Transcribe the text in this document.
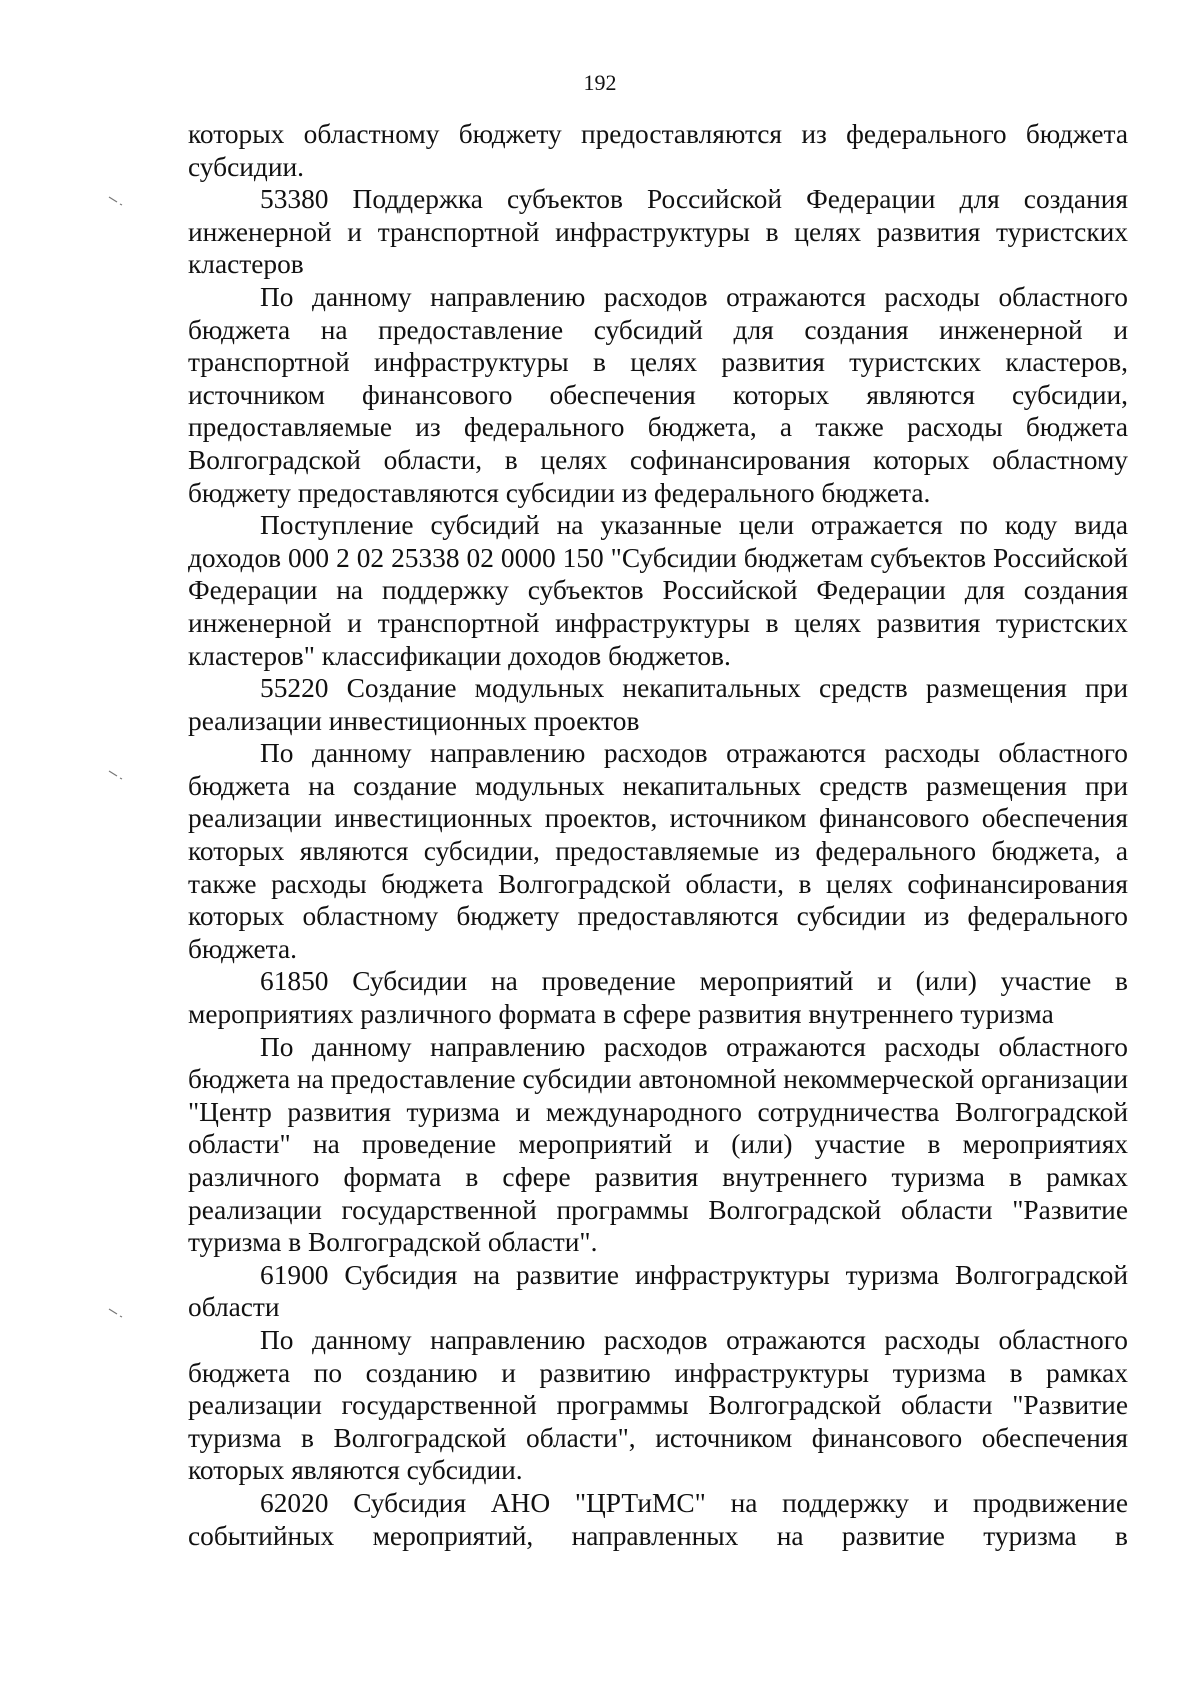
192

которых областному бюджету предоставляются из федерального бюджета субсидии.

53380 Поддержка субъектов Российской Федерации для создания инженерной и транспортной инфраструктуры в целях развития туристских кластеров

По данному направлению расходов отражаются расходы областного бюджета на предоставление субсидий для создания инженерной и транспортной инфраструктуры в целях развития туристских кластеров, источником финансового обеспечения которых являются субсидии, предоставляемые из федерального бюджета, а также расходы бюджета Волгоградской области, в целях софинансирования которых областному бюджету предоставляются субсидии из федерального бюджета.

Поступление субсидий на указанные цели отражается по коду вида доходов 000 2 02 25338 02 0000 150 "Субсидии бюджетам субъектов Российской Федерации на поддержку субъектов Российской Федерации для создания инженерной и транспортной инфраструктуры в целях развития туристских кластеров" классификации доходов бюджетов.

55220 Создание модульных некапитальных средств размещения при реализации инвестиционных проектов

По данному направлению расходов отражаются расходы областного бюджета на создание модульных некапитальных средств размещения при реализации инвестиционных проектов, источником финансового обеспечения которых являются субсидии, предоставляемые из федерального бюджета, а также расходы бюджета Волгоградской области, в целях софинансирования которых областному бюджету предоставляются субсидии из федерального бюджета.

61850 Субсидии на проведение мероприятий и (или) участие в мероприятиях различного формата в сфере развития внутреннего туризма

По данному направлению расходов отражаются расходы областного бюджета на предоставление субсидии автономной некоммерческой организации "Центр развития туризма и международного сотрудничества Волгоградской области" на проведение мероприятий и (или) участие в мероприятиях различного формата в сфере развития внутреннего туризма в рамках реализации государственной программы Волгоградской области "Развитие туризма в Волгоградской области".

61900 Субсидия на развитие инфраструктуры туризма Волгоградской области

По данному направлению расходов отражаются расходы областного бюджета по созданию и развитию инфраструктуры туризма в рамках реализации государственной программы Волгоградской области "Развитие туризма в Волгоградской области", источником финансового обеспечения которых являются субсидии.

62020 Субсидия АНО "ЦРТиМС" на поддержку и продвижение событийных мероприятий, направленных на развитие туризма в
